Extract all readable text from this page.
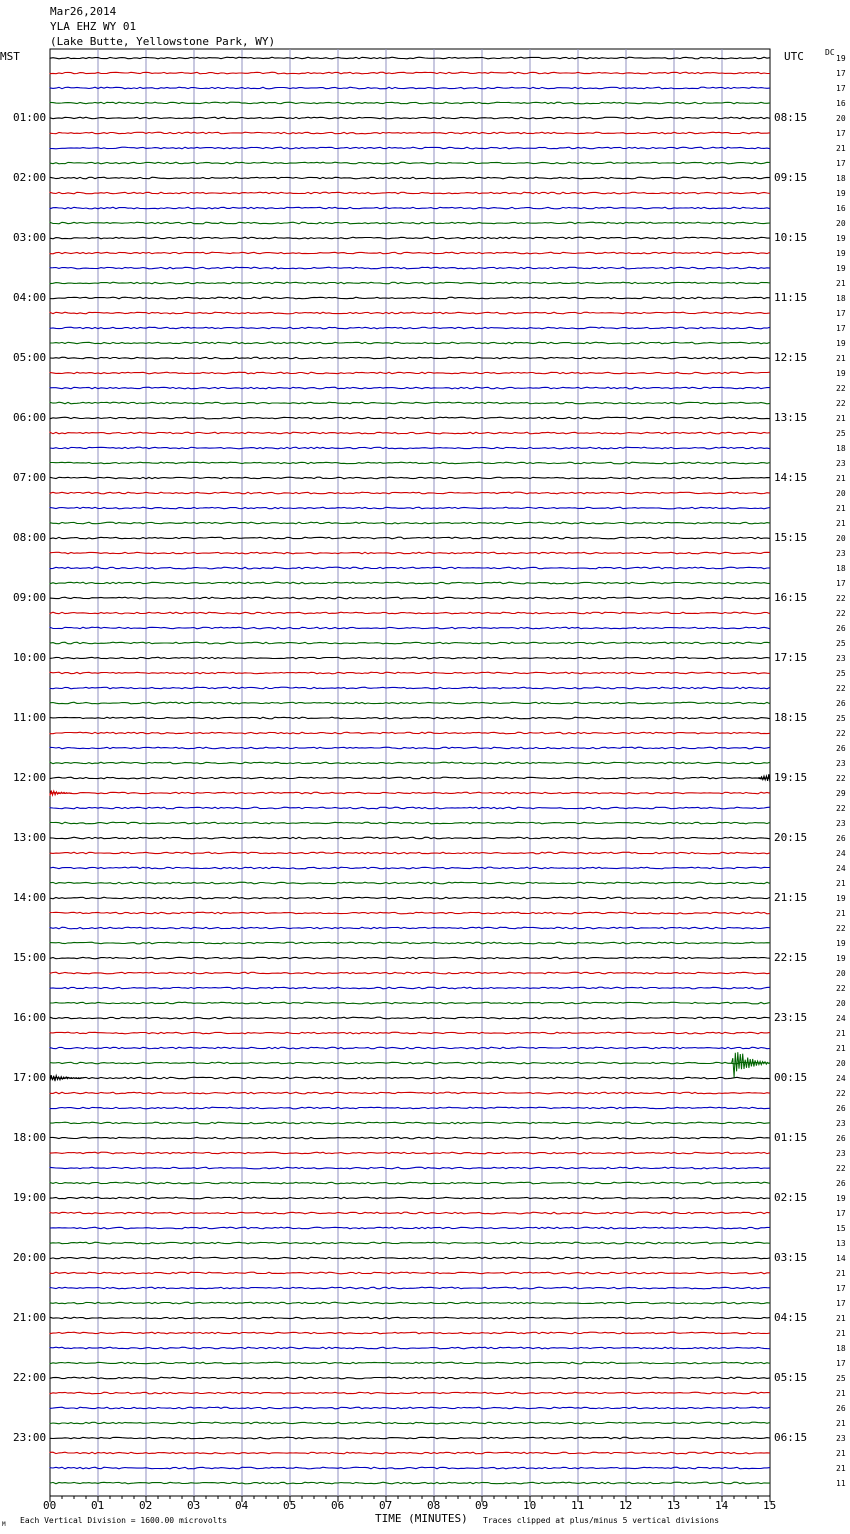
Mar26,2014
YLA EHZ WY 01
(Lake Butte, Yellowstone Park, WY)
MST	UTC	DC
00	01	02	03	04	05	06	07	08	09	10	11	12	13	14	15
01:00
02:00
03:00
04:00
05:00
06:00
07:00
08:00
09:00
10:00
11:00
12:00
13:00
14:00
15:00
16:00
17:00
18:00
19:00
20:00
21:00
22:00
23:00
08:15
09:15
10:15
11:15
12:15
13:15
14:15
15:15
16:15
17:15
18:15
19:15
20:15
21:15
22:15
23:15
00:15
01:15
02:15
03:15
04:15
05:15
06:15
19
17
17
16
20
17
21
17
18
19
16
20
19
19
19
21
18
17
17
19
21
19
22
22
21
25
18
23
21
20
21
21
20
23
18
17
22
22
26
25
23
25
22
26
25
22
26
23
22
29
22
23
26
24
24
21
19
21
22
19
19
20
22
20
24
21
21
20
24
22
26
23
26
23
22
26
19
17
15
13
14
21
17
17
21
21
18
17
25
21
26
21
23
21
21
11
TIME (MINUTES)
Each Vertical Division = 1600.00 microvolts	Traces clipped at plus/minus 5 vertical divisions
M
